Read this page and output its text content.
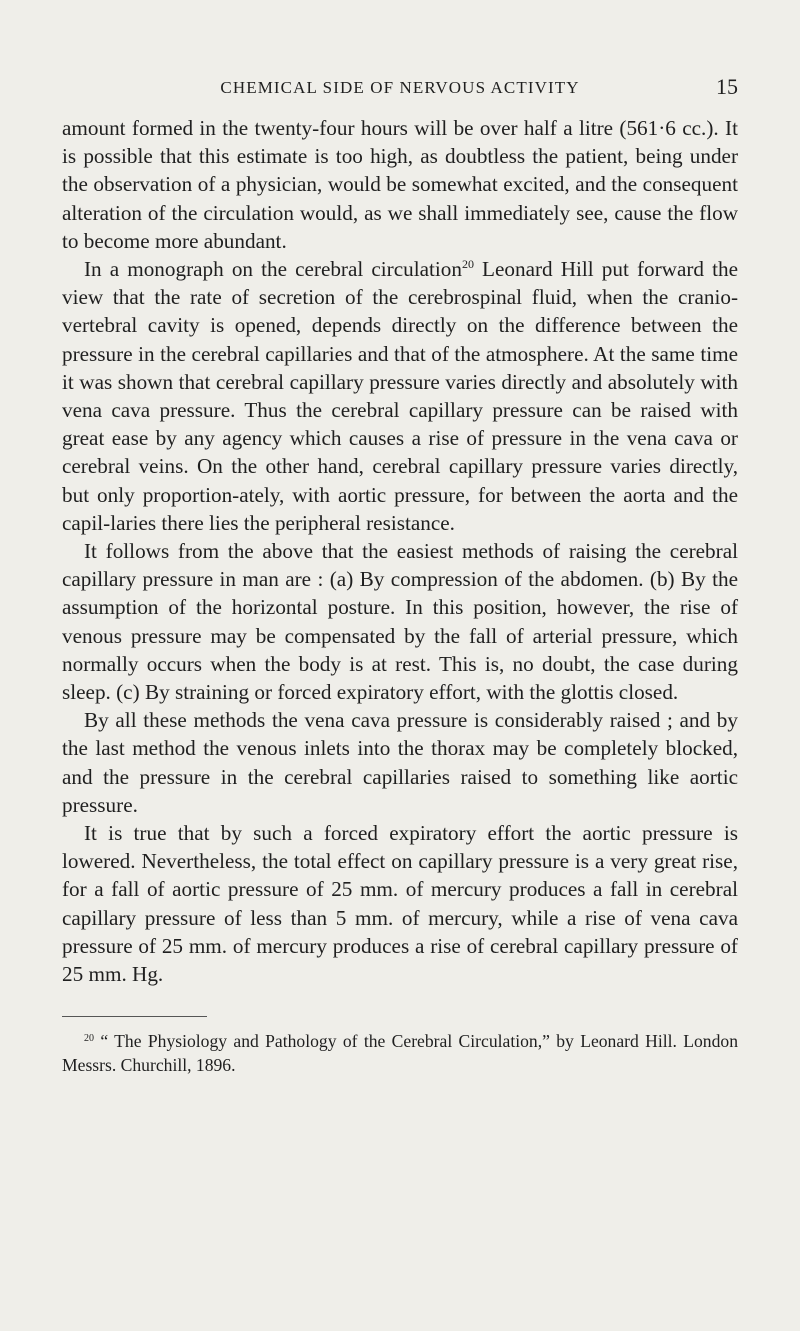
CHEMICAL SIDE OF NERVOUS ACTIVITY	15

amount formed in the twenty-four hours will be over half a litre (561·6 cc.). It is possible that this estimate is too high, as doubtless the patient, being under the observation of a physician, would be somewhat excited, and the consequent alteration of the circulation would, as we shall immediately see, cause the flow to become more abundant.

In a monograph on the cerebral circulation$^{20}$ Leonard Hill put forward the view that the rate of secretion of the cerebrospinal fluid, when the cranio-vertebral cavity is opened, depends directly on the difference between the pressure in the cerebral capillaries and that of the atmosphere. At the same time it was shown that cerebral capillary pressure varies directly and absolutely with vena cava pressure. Thus the cerebral capillary pressure can be raised with great ease by any agency which causes a rise of pressure in the vena cava or cerebral veins. On the other hand, cerebral capillary pressure varies directly, but only proportion-ately, with aortic pressure, for between the aorta and the capil-laries there lies the peripheral resistance.

It follows from the above that the easiest methods of raising the cerebral capillary pressure in man are : (a) By compression of the abdomen. (b) By the assumption of the horizontal posture. In this position, however, the rise of venous pressure may be compensated by the fall of arterial pressure, which normally occurs when the body is at rest. This is, no doubt, the case during sleep. (c) By straining or forced expiratory effort, with the glottis closed.

By all these methods the vena cava pressure is considerably raised ; and by the last method the venous inlets into the thorax may be completely blocked, and the pressure in the cerebral capillaries raised to something like aortic pressure.

It is true that by such a forced expiratory effort the aortic pressure is lowered. Nevertheless, the total effect on capillary pressure is a very great rise, for a fall of aortic pressure of 25 mm. of mercury produces a fall in cerebral capillary pressure of less than 5 mm. of mercury, while a rise of vena cava pressure of 25 mm. of mercury produces a rise of cerebral capillary pressure of 25 mm. Hg.

$^{20}$ “ The Physiology and Pathology of the Cerebral Circulation,” by Leonard Hill. London Messrs. Churchill, 1896.
